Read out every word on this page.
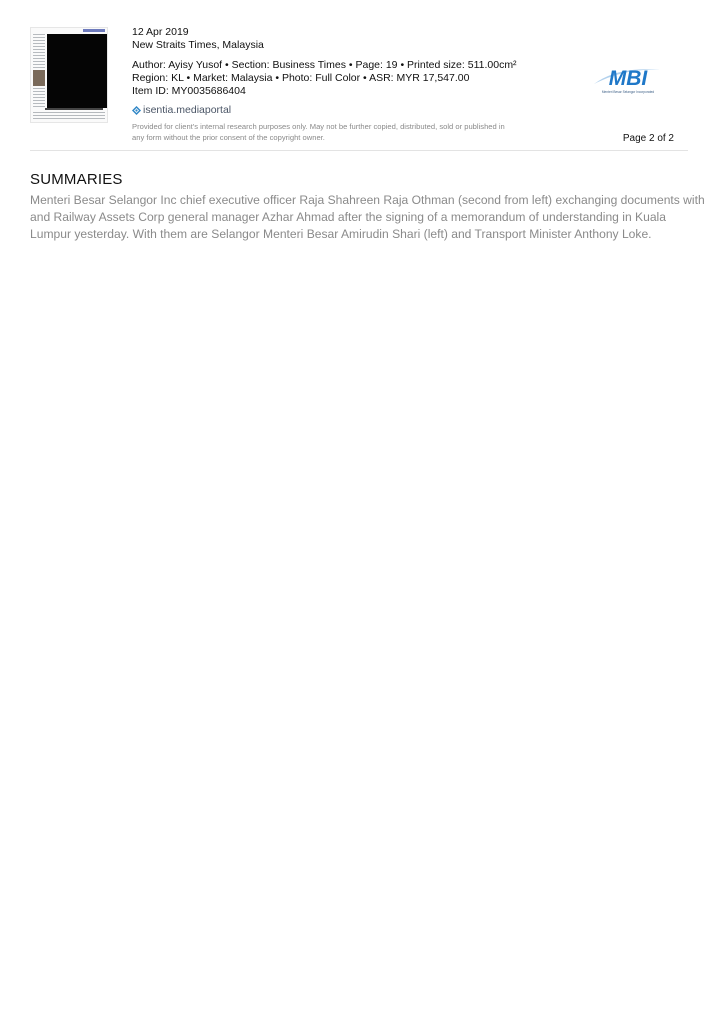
12 Apr 2019
New Straits Times, Malaysia
Author: Ayisy Yusof • Section: Business Times • Page: 19 • Printed size: 511.00cm²
Region: KL • Market: Malaysia • Photo: Full Color • ASR: MYR 17,547.00
Item ID: MY0035686404
isentia.mediaportal
Provided for client's internal research purposes only. May not be further copied, distributed, sold or published in
any form without the prior consent of the copyright owner.
MBI
Menteri Besar Selangor Incorporated
Page 2 of 2
SUMMARIES
Menteri Besar Selangor Inc chief executive officer Raja Shahreen Raja Othman (second from left) exchanging documents with and Railway Assets Corp general manager Azhar Ahmad after the signing of a memorandum of understanding in Kuala Lumpur yesterday. With them are Selangor Menteri Besar Amirudin Shari (left) and Transport Minister Anthony Loke.
